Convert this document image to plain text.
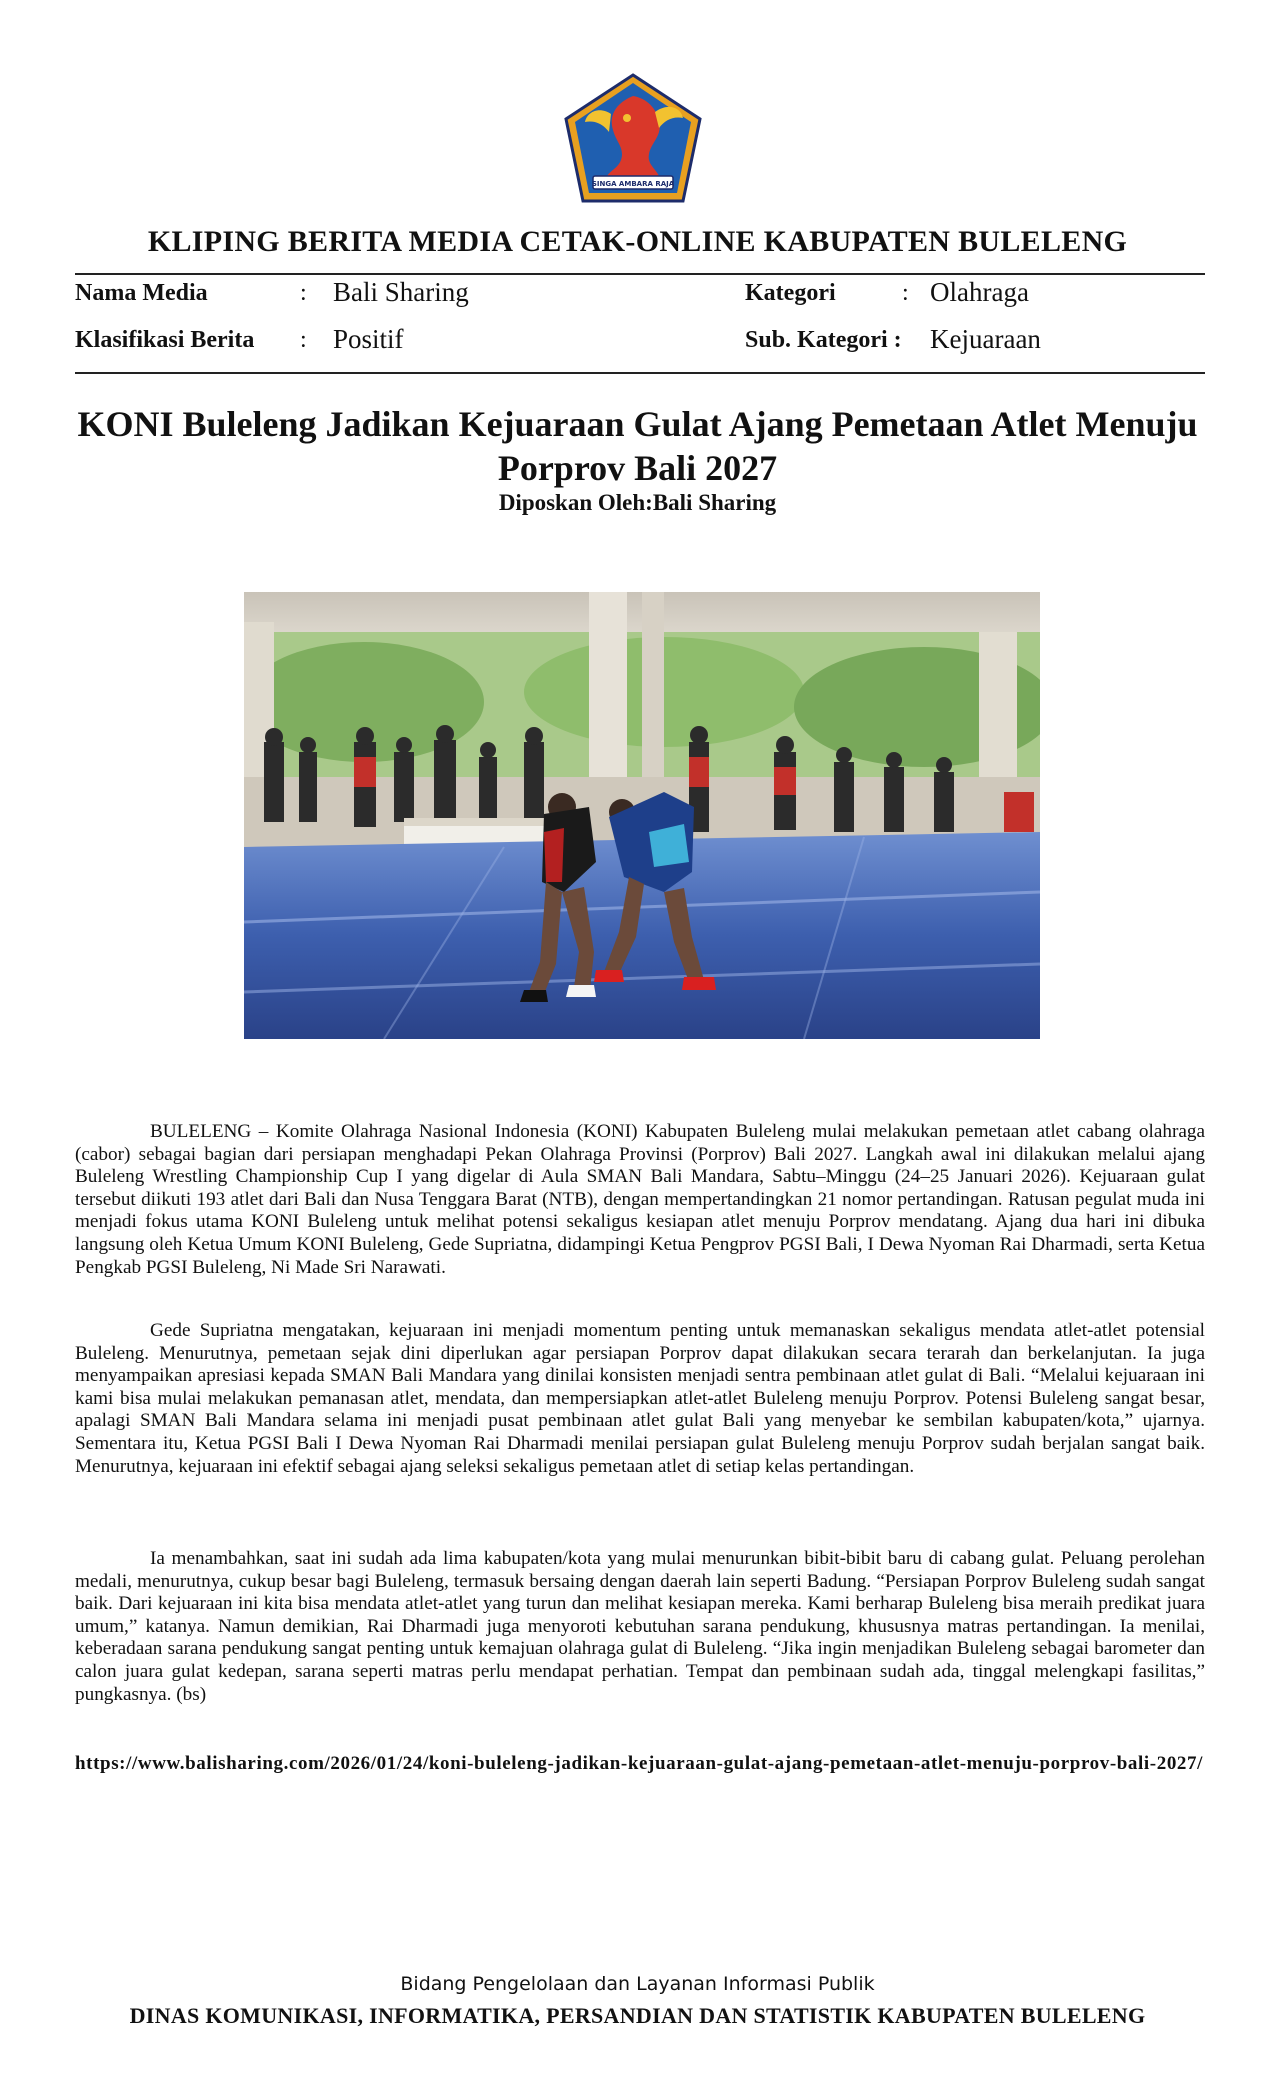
SINGA AMBARA RAJA
KLIPING BERITA MEDIA CETAK-ONLINE KABUPATEN BULELENG
Nama Media	: Bali Sharing	Kategori	: Olahraga
Klasifikasi Berita : Positif	Sub. Kategori : Kejuaraan
KONI Buleleng Jadikan Kejuaraan Gulat Ajang Pemetaan Atlet Menuju Porprov Bali 2027
Diposkan Oleh:Bali Sharing

BULELENG – Komite Olahraga Nasional Indonesia (KONI) Kabupaten Buleleng mulai melakukan pemetaan atlet cabang olahraga (cabor) sebagai bagian dari persiapan menghadapi Pekan Olahraga Provinsi (Porprov) Bali 2027. Langkah awal ini dilakukan melalui ajang Buleleng Wrestling Championship Cup I yang digelar di Aula SMAN Bali Mandara, Sabtu–Minggu (24–25 Januari 2026). Kejuaraan gulat tersebut diikuti 193 atlet dari Bali dan Nusa Tenggara Barat (NTB), dengan mempertandingkan 21 nomor pertandingan. Ratusan pegulat muda ini menjadi fokus utama KONI Buleleng untuk melihat potensi sekaligus kesiapan atlet menuju Porprov mendatang. Ajang dua hari ini dibuka langsung oleh Ketua Umum KONI Buleleng, Gede Supriatna, didampingi Ketua Pengprov PGSI Bali, I Dewa Nyoman Rai Dharmadi, serta Ketua Pengkab PGSI Buleleng, Ni Made Sri Narawati.

Gede Supriatna mengatakan, kejuaraan ini menjadi momentum penting untuk memanaskan sekaligus mendata atlet-atlet potensial Buleleng. Menurutnya, pemetaan sejak dini diperlukan agar persiapan Porprov dapat dilakukan secara terarah dan berkelanjutan. Ia juga menyampaikan apresiasi kepada SMAN Bali Mandara yang dinilai konsisten menjadi sentra pembinaan atlet gulat di Bali. “Melalui kejuaraan ini kami bisa mulai melakukan pemanasan atlet, mendata, dan mempersiapkan atlet-atlet Buleleng menuju Porprov. Potensi Buleleng sangat besar, apalagi SMAN Bali Mandara selama ini menjadi pusat pembinaan atlet gulat Bali yang menyebar ke sembilan kabupaten/kota,” ujarnya. Sementara itu, Ketua PGSI Bali I Dewa Nyoman Rai Dharmadi menilai persiapan gulat Buleleng menuju Porprov sudah berjalan sangat baik. Menurutnya, kejuaraan ini efektif sebagai ajang seleksi sekaligus pemetaan atlet di setiap kelas pertandingan.

Ia menambahkan, saat ini sudah ada lima kabupaten/kota yang mulai menurunkan bibit-bibit baru di cabang gulat. Peluang perolehan medali, menurutnya, cukup besar bagi Buleleng, termasuk bersaing dengan daerah lain seperti Badung. “Persiapan Porprov Buleleng sudah sangat baik. Dari kejuaraan ini kita bisa mendata atlet-atlet yang turun dan melihat kesiapan mereka. Kami berharap Buleleng bisa meraih predikat juara umum,” katanya. Namun demikian, Rai Dharmadi juga menyoroti kebutuhan sarana pendukung, khususnya matras pertandingan. Ia menilai, keberadaan sarana pendukung sangat penting untuk kemajuan olahraga gulat di Buleleng. “Jika ingin menjadikan Buleleng sebagai barometer dan calon juara gulat kedepan, sarana seperti matras perlu mendapat perhatian. Tempat dan pembinaan sudah ada, tinggal melengkapi fasilitas,” pungkasnya. (bs)

https://www.balisharing.com/2026/01/24/koni-buleleng-jadikan-kejuaraan-gulat-ajang-pemetaan-atlet-menuju-porprov-bali-2027/
Bidang Pengelolaan dan Layanan Informasi Publik
DINAS KOMUNIKASI, INFORMATIKA, PERSANDIAN DAN STATISTIK KABUPATEN BULELENG
